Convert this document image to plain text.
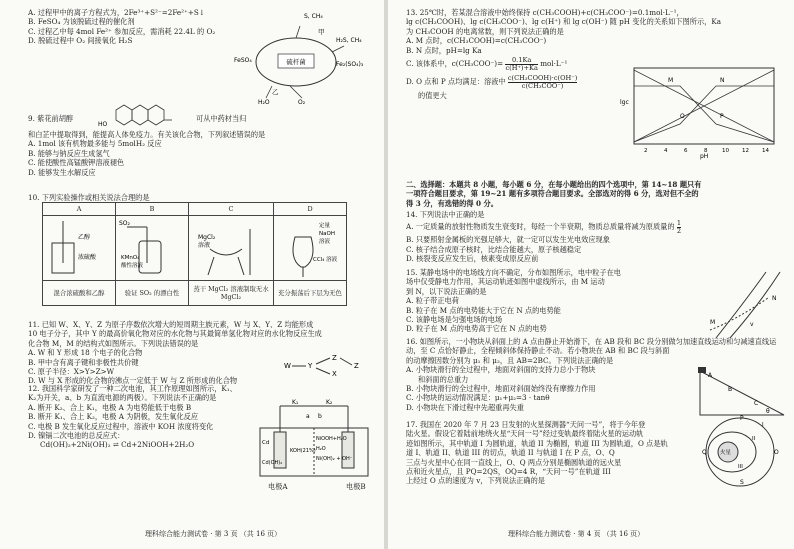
A. 过程甲中的离子方程式为，2Fe³⁺+S²⁻=2Fe²⁺+S↓
B. FeSO₄ 为该脱硫过程的催化剂
C. 过程乙中每 4mol Fe²⁺ 参加反应，需消耗 22.4L 的 O₂
D. 脱硫过程中 O₂ 间接氧化 H₂S
硫杆菌
S, CH₄
H₂S, CH₄
FeSO₄
Fe₂(SO₄)₃
甲
乙
H₂O	O₂
9. 紫花前胡醇
HO
可从中药材当归
和白芷中提取得到，能提高人体免疫力。有关该化合物，下列叙述错误的是
A. 1mol 该有机物最多能与 5molH₂ 反应
B. 能够与钠反应生成氢气
C. 能使酸性高锰酸钾溶液褪色
D. 能够发生水解反应
10. 下列实验操作或相关说法合理的是
A	B	C	D

乙醇
浓硫酸	SO₂
KMnO₄
酸性溶液	MgCl₂
溶液	定量
NaOH
溶液
CCl₄ 溶液

混合浓硫酸和乙醇	验证 SO₂ 的漂白性	蒸干 MgCl₂ 溶液制取无水 MgCl₂	充分振荡后下层为无色
11. 已知 W、X、Y、Z 为原子序数依次增大的短周期主族元素，W 与 X、Y、Z 均能形成
10 电子分子，其中 Y 的最高价氧化物对应的水化物与其最简单氢化物对应的水化物反应生成
化合物 M，M 的结构式如图所示。下列说法错误的是
A. W 和 Y 形成 18 个电子的化合物
B. 甲中含有离子键和非极性共价键
C. 原子半径：X>Y>Z>W
D. W 与 X 形成的化合物的沸点一定低于 W 与 Z 所形成的化合物
W Y
Z
X
Z
12. 我国科学家研发了一种二次电池，其工作原理如图所示，K₁、
K₂为开关，a、b 为直流电源的两极）。下列说法不正确的是
A. 断开 K₂、合上 K₁，电极 A 为电势能低于电极 B
B. 断开 K₁、合上 K₂，电极 A 为阴极，发生氧化反应
C. 电极 B 发生氧化反应过程中，溶液中 KOH 浓度将变化
D. 镍镉二次电池的总反应式：
Cd(OH)₂+2Ni(OH)₂ ⇌ Cd+2NiOOH+2H₂O
K₁	K₂
a b
Cd
Cd(OH)₂
NiOOH+H₂O
Ni(OH)₂ + OH⁻
KOH(21%) H₂O
电极A	电极B
理科综合能力测试卷 · 第 3 页 （共 16 页）
13. 25℃时，若某混合溶液中始终保持 c(CH₃COOH)+c(CH₃COO⁻)=0.1mol·L⁻¹，
lg c(CH₃COOH)、lg c(CH₃COO⁻)、lg c(H⁺) 和 lg c(OH⁻) 随 pH 变化的关系如下图所示，Ka
为 CH₃COOH 的电离常数，则下列说法正确的是
A. M 点时，c(CH₃COOH)=c(CH₃COO⁻)
B. N 点时，pH=lg Ka
C. 该体系中，$c(CH_3COO^-)= \frac{0.1Ka}{c(H^+)+Ka} mol\cdot L^{-1}$
D. O 点和 P 点均满足：溶液中 $\frac{\text{c(CH₃COOH)·c(OH⁻)}}{\text{c(CH₃COO⁻)}}$
的值更大
lgc
pH
2	4	6	8	10 12 14
M	N
O	P
二、选择题：本题共 8 小题，每小题 6 分，在每小题给出的四个选项中，第 14~18 题只有
一项符合题目要求，第 19~21 题有多项符合题目要求。全部选对的得 6 分，选对但不全的
得 3 分，有选错的得 0 分。
14. 下列说法中正确的是
A. 一定质量的放射性物质发生衰变时，每经一个半衰期，物质总质量将减为原质量的 $\frac{1}{2}$
B. 只要照射金属板的光强足够大，就一定可以发生光电效应现象
C. 核子结合成原子核时，比结合能越大，原子核越稳定
D. 核裂变反应发生后，核素变成原反应前
15. 某静电场中的电场线方向不确定，分布如图所示，电中粒子在电
场中仅受静电力作用，其运动轨迹如图中虚线所示，由 M 运动
到 N，以下说法正确的是
A. 粒子带正电荷
B. 粒子在 M 点的电势能大于它在 N 点的电势能
C. 该静电场是匀强电场的电场
D. 粒子在 M 点的电势高于它在 N 点的电势
M
N
v
16. 如图所示，一小物块从斜面上的 A 点由静止开始滑下，在 AB 段和 BC 段分别做匀加速直线运动和匀减速直线运
动，至 C 点恰好静止，全程倾斜体保持静止不动。若小物块在 AB 和 BC 段与斜面
的动摩擦因数分别为 μ₁ 和 μ₂，且 AB=2BC。下列说法正确的是
A. 小物块滑行的全过程中，地面对斜面的支持力总小于物块
和斜面的总重力
B. 小物块滑行的全过程中，地面对斜面始终没有摩擦力作用
C. 小物块的运动情况满足：μ₁+μ₂=3 · tanθ
D. 小物块在下滑过程中先超重再失重
A
B
C
θ
17. 我国在 2020 年 7 月 23 日发射的火星探测器“天问一号”，将于今年登
陆火星。假设它着陆前地绕火星“天问一号”经过变轨最终着陆火星的运动轨
迹如图所示，其中轨道 I 为圆轨道，轨道 II 为椭圆，轨道 III 为圆轨道，O 点是轨
道 I、轨道 II、轨道 III 的切点，轨道 II 与轨道 I 在 P 点，O、Q
三点与火星中心在同一直线上，O、Q 两点分别是椭圆轨道的远火星
点和近火星点，且 PQ=2QS，OQ=4 R，“天问一号”在轨道 III
上经过 O 点的速度为 v，下列说法正确的是
火星
P
O
Q
S
I
II
III
理科综合能力测试卷 · 第 4 页 （共 16 页）
